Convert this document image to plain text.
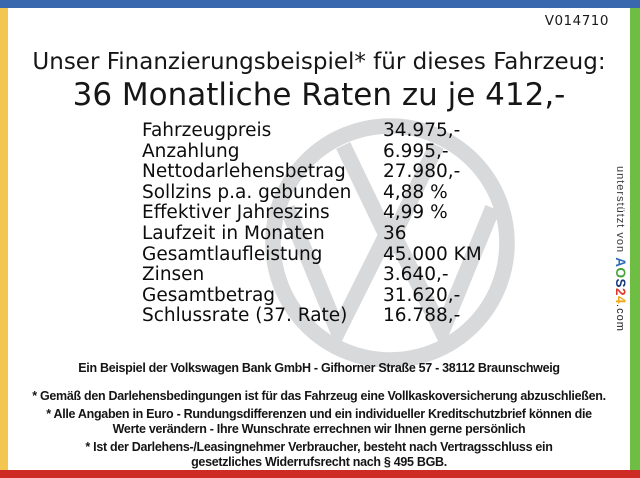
V014710
Unser Finanzierungsbeispiel* für dieses Fahrzeug:
36 Monatliche Raten zu je 412,-
Fahrzeugpreis	34.975,-
Anzahlung	6.995,-
Nettodarlehensbetrag	27.980,-
Sollzins p.a. gebunden	4,88 %
Effektiver Jahreszins	4,99 %
Laufzeit in Monaten	36
Gesamtlaufleistung	45.000 KM
Zinsen	3.640,-
Gesamtbetrag	31.620,-
Schlussrate (37. Rate)	16.788,-
Ein Beispiel der Volkswagen Bank GmbH - Gifhorner Straße 57 - 38112 Braunschweig
* Gemäß den Darlehensbedingungen ist für das Fahrzeug eine Vollkaskoversicherung abzuschließen.
* Alle Angaben in Euro - Rundungsdifferenzen und ein individueller Kreditschutzbrief können die Werte verändern - Ihre Wunschrate errechnen wir Ihnen gerne persönlich
* Ist der Darlehens-/Leasingnehmer Verbraucher, besteht nach Vertragsschluss ein gesetzliches Widerrufsrecht nach § 495 BGB.
unterstützt von AOS24.com
